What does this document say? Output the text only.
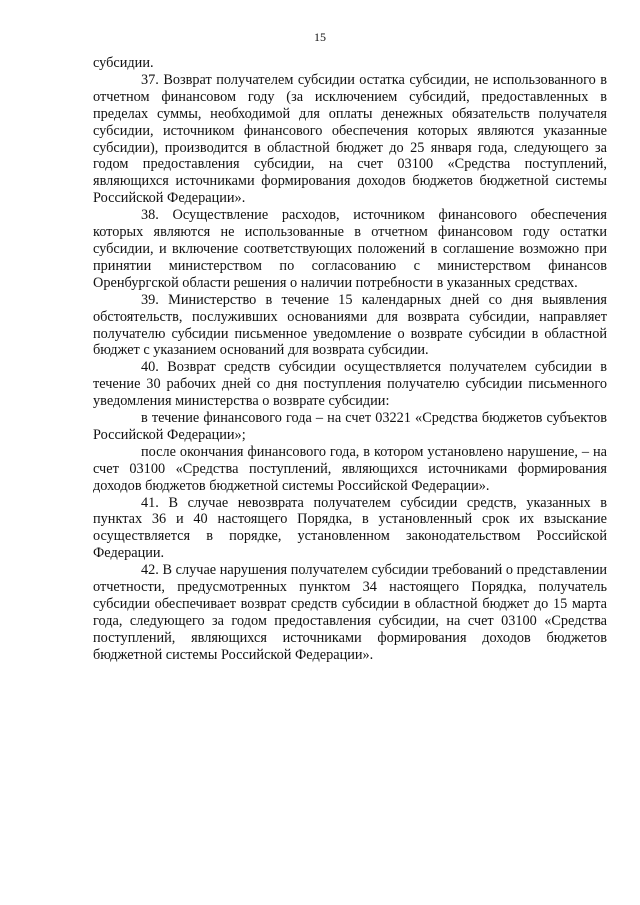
15

субсидии.

37. Возврат получателем субсидии остатка субсидии, не использованного в отчетном финансовом году (за исключением субсидий, предоставленных в пределах суммы, необходимой для оплаты денежных обязательств получателя субсидии, источником финансового обеспечения которых являются указанные субсидии), производится в областной бюджет до 25 января года, следующего за годом предоставления субсидии, на счет 03100 «Средства поступлений, являющихся источниками формирования доходов бюджетов бюджетной системы Российской Федерации».

38. Осуществление расходов, источником финансового обеспечения которых являются не использованные в отчетном финансовом году остатки субсидии, и включение соответствующих положений в соглашение возможно при принятии министерством по согласованию с министерством финансов Оренбургской области решения о наличии потребности в указанных средствах.

39. Министерство в течение 15 календарных дней со дня выявления обстоятельств, послуживших основаниями для возврата субсидии, направляет получателю субсидии письменное уведомление о возврате субсидии в областной бюджет с указанием оснований для возврата субсидии.

40. Возврат средств субсидии осуществляется получателем субсидии в течение 30 рабочих дней со дня поступления получателю субсидии письменного уведомления министерства о возврате субсидии:

в течение финансового года – на счет 03221 «Средства бюджетов субъектов Российской Федерации»;

после окончания финансового года, в котором установлено нарушение, – на счет 03100 «Средства поступлений, являющихся источниками формирования доходов бюджетов бюджетной системы Российской Федерации».

41. В случае невозврата получателем субсидии средств, указанных в пунктах 36 и 40 настоящего Порядка, в установленный срок их взыскание осуществляется в порядке, установленном законодательством Российской Федерации.

42. В случае нарушения получателем субсидии требований о представлении отчетности, предусмотренных пунктом 34 настоящего Порядка, получатель субсидии обеспечивает возврат средств субсидии в областной бюджет до 15 марта года, следующего за годом предоставления субсидии, на счет 03100 «Средства поступлений, являющихся источниками формирования доходов бюджетов бюджетной системы Российской Федерации».
